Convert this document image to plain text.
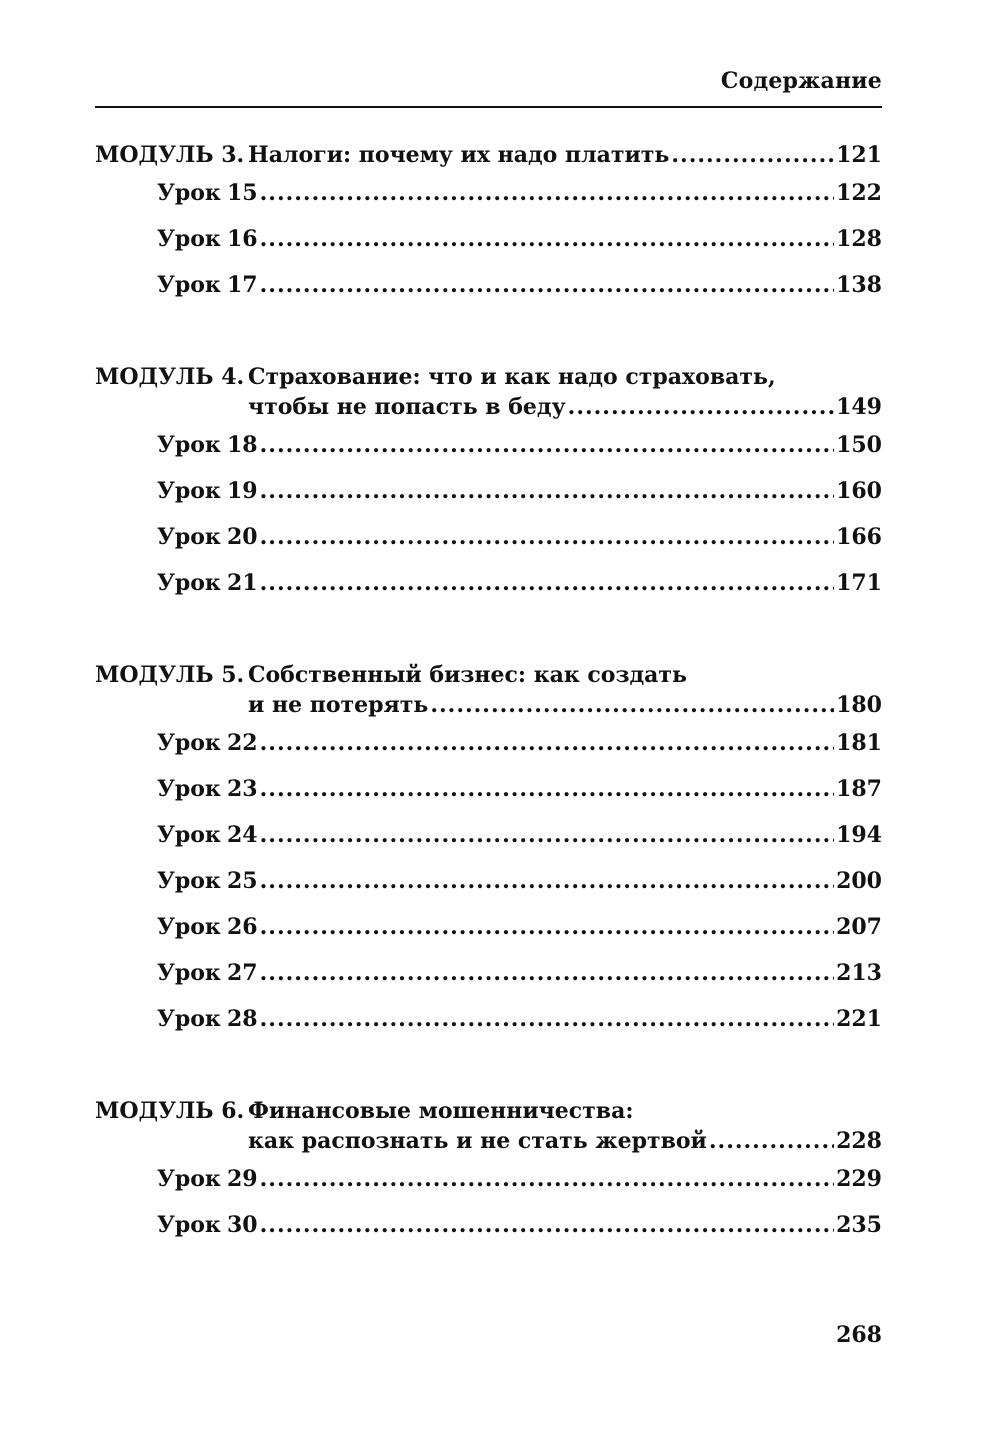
Содержание
МОДУЛЬ 3. Налоги: почему их надо платить .....	121
Урок 15 .....	122
Урок 16 .....	128
Урок 17 .....	138
МОДУЛЬ 4. Страхование: что и как надо страховать,
чтобы не попасть в беду .....	149
Урок 18 .....	150
Урок 19 .....	160
Урок 20 .....	166
Урок 21 .....	171
МОДУЛЬ 5. Собственный бизнес: как создать
и не потерять .....	180
Урок 22 .....	181
Урок 23 .....	187
Урок 24 .....	194
Урок 25 .....	200
Урок 26 .....	207
Урок 27 .....	213
Урок 28 .....	221
МОДУЛЬ 6. Финансовые мошенничества:
как распознать и не стать жертвой .....	228
Урок 29 .....	229
Урок 30 .....	235
268
